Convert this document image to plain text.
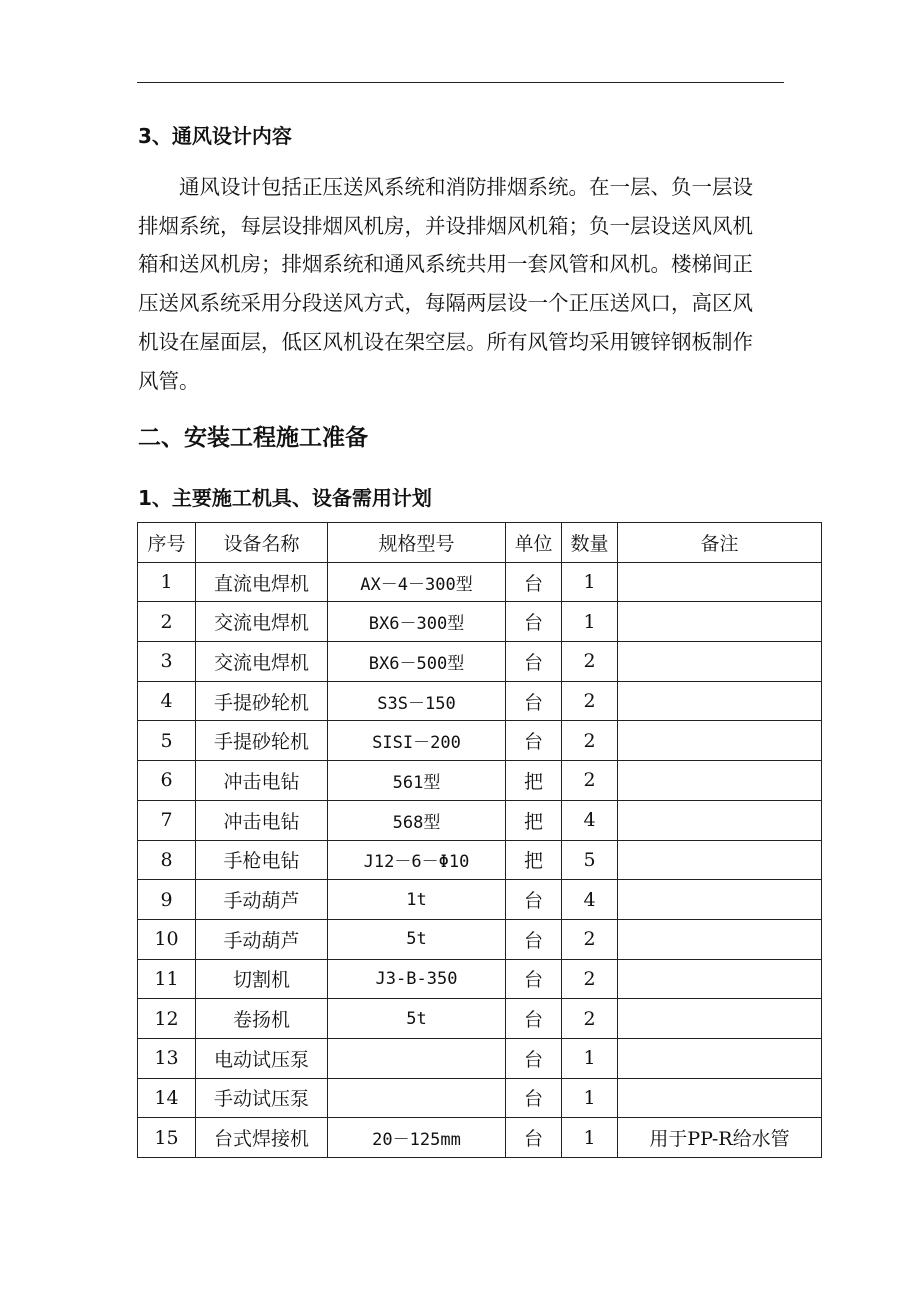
3、通风设计内容

　　通风设计包括正压送风系统和消防排烟系统。在一层、负一层设
排烟系统，每层设排烟风机房，并设排烟风机箱；负一层设送风风机
箱和送风机房；排烟系统和通风系统共用一套风管和风机。楼梯间正
压送风系统采用分段送风方式，每隔两层设一个正压送风口，高区风
机设在屋面层，低区风机设在架空层。所有风管均采用镀锌钢板制作
风管。

二、安装工程施工准备
1、主要施工机具、设备需用计划
序号	设备名称	规格型号	单位	数量	备注
1	直流电焊机	AX－4－300型	台	1	
2	交流电焊机	BX6－300型	台	1	
3	交流电焊机	BX6－500型	台	2	
4	手提砂轮机	S3S－150	台	2	
5	手提砂轮机	SISI－200	台	2	
6	冲击电钻	561型	把	2	
7	冲击电钻	568型	把	4	
8	手枪电钻	J12－6－Φ10	把	5	
9	手动葫芦	1t	台	4	
10	手动葫芦	5t	台	2	
11	切割机	J3-B-350	台	2	
12	卷扬机	5t	台	2	
13	电动试压泵		台	1	
14	手动试压泵		台	1	
15	台式焊接机	20－125mm	台	1	用于PP-R给水管
